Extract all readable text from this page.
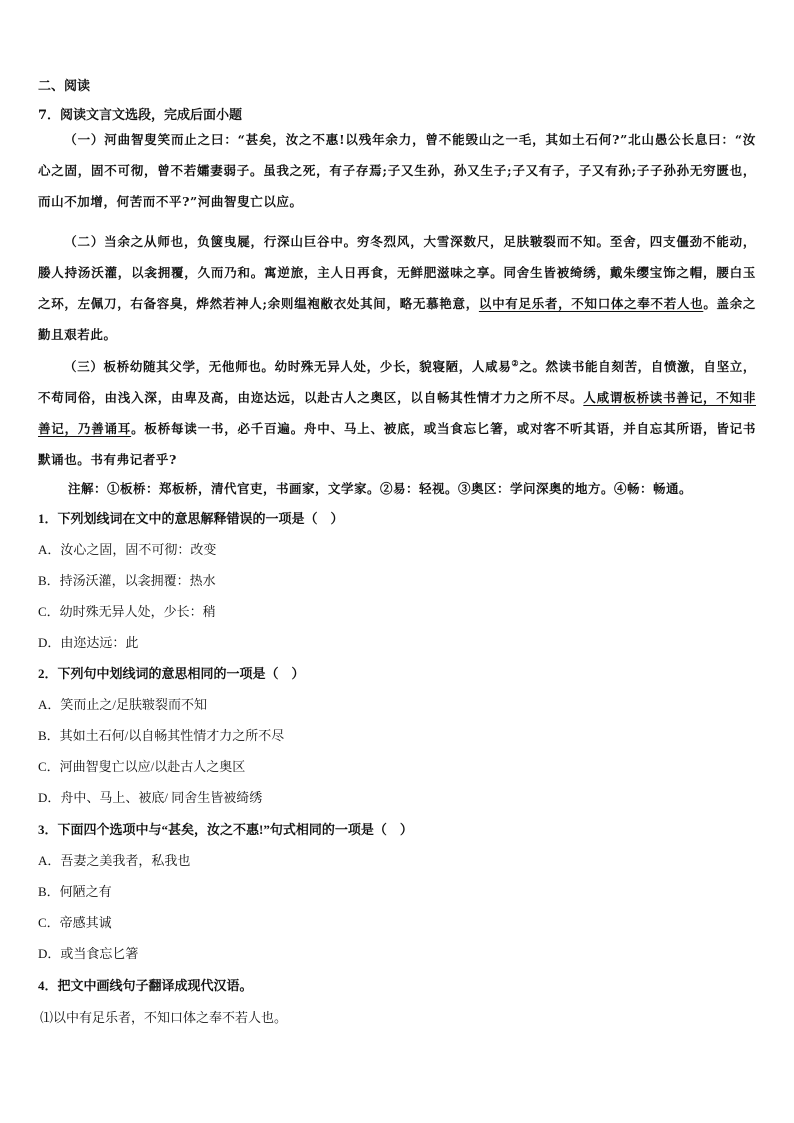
二、阅读
7．阅读文言文选段，完成后面小题
（一）河曲智叟笑而止之曰：“甚矣，汝之不惠!以残年余力，曾不能毁山之一毛，其如土石何?”北山愚公长息曰：“汝心之固，固不可彻，曾不若孀妻弱子。虽我之死，有子存焉;子又生孙，孙又生子;子又有子，子又有孙;子子孙孙无穷匮也，而山不加增，何苦而不平?”河曲智叟亡以应。
（二）当余之从师也，负箧曳屣，行深山巨谷中。穷冬烈风，大雪深数尺，足肤皲裂而不知。至舍，四支僵劲不能动，媵人持汤沃灌，以衾拥覆，久而乃和。寓逆旅，主人日再食，无鲜肥滋味之享。同舍生皆被绮绣，戴朱缨宝饰之帽，腰白玉之环，左佩刀，右备容臭，烨然若神人;余则缊袍敝衣处其间，略无慕艳意，以中有足乐者，不知口体之奉不若人也。盖余之勤且艰若此。
（三）板桥幼随其父学，无他师也。幼时殊无异人处，少长，貌寝陋，人咸易②之。然读书能自刻苦，自愤激，自坚立，不苟同俗，由浅入深，由卑及高，由迩达远，以赴古人之奥区，以自畅其性情才力之所不尽。人咸谓板桥读书善记，不知非善记，乃善诵耳。板桥每读一书，必千百遍。舟中、马上、被底，或当食忘匕箸，或对客不听其语，并自忘其所语，皆记书默诵也。书有弗记者乎?
注解：①板桥：郑板桥，清代官吏，书画家，文学家。②易：轻视。③奥区：学问深奥的地方。④畅：畅通。
1．下列划线词在文中的意思解释错误的一项是（　）
A．汝心之固，固不可彻：改变
B．持汤沃灌，以衾拥覆：热水
C．幼时殊无异人处，少长：稍
D．由迩达远：此
2．下列句中划线词的意思相同的一项是（　）
A．笑而止之/足肤皲裂而不知
B．其如土石何/以自畅其性情才力之所不尽
C．河曲智叟亡以应/以赴古人之奥区
D．舟中、马上、被底/ 同舍生皆被绮绣
3．下面四个选项中与“甚矣，汝之不惠!”句式相同的一项是（　）
A．吾妻之美我者，私我也
B．何陋之有
C．帝感其诚
D．或当食忘匕箸
4．把文中画线句子翻译成现代汉语。
⑴以中有足乐者，不知口体之奉不若人也。
